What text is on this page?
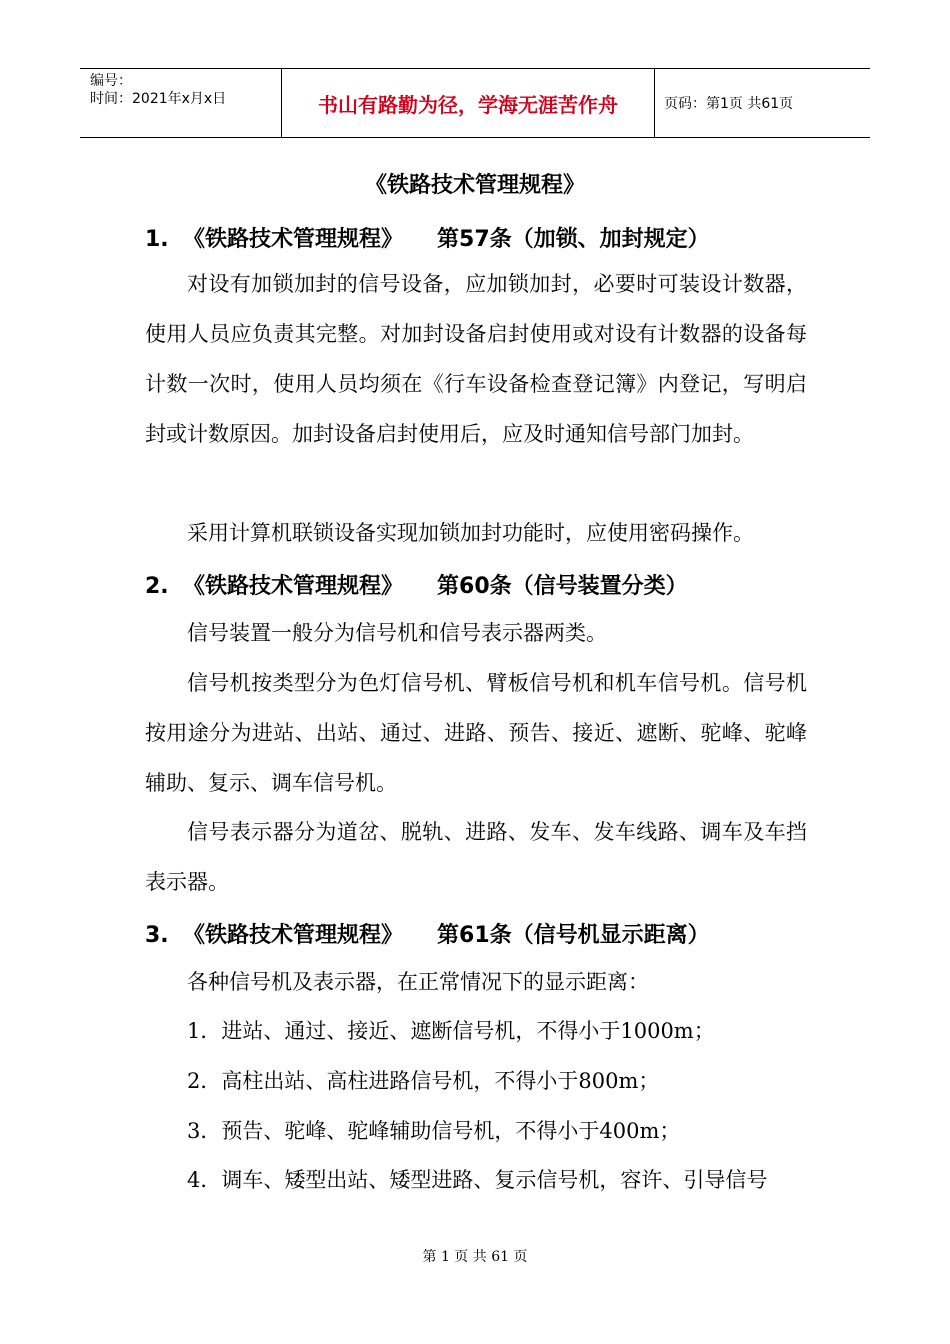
编号：
时间：2021年x月x日	书山有路勤为径，学海无涯苦作舟	页码：第1页 共61页
《铁路技术管理规程》
1. 《铁路技术管理规程》 第57条（加锁、加封规定）
对设有加锁加封的信号设备，应加锁加封，必要时可装设计数器，使用人员应负责其完整。对加封设备启封使用或对设有计数器的设备每计数一次时，使用人员均须在《行车设备检查登记簿》内登记，写明启封或计数原因。加封设备启封使用后，应及时通知信号部门加封。
采用计算机联锁设备实现加锁加封功能时，应使用密码操作。
2. 《铁路技术管理规程》 第60条（信号装置分类）
信号装置一般分为信号机和信号表示器两类。
信号机按类型分为色灯信号机、臂板信号机和机车信号机。信号机按用途分为进站、出站、通过、进路、预告、接近、遮断、驼峰、驼峰辅助、复示、调车信号机。
信号表示器分为道岔、脱轨、进路、发车、发车线路、调车及车挡表示器。
3. 《铁路技术管理规程》 第61条（信号机显示距离）
各种信号机及表示器，在正常情况下的显示距离：
1．进站、通过、接近、遮断信号机，不得小于1000m；
2．高柱出站、高柱进路信号机，不得小于800m；
3．预告、驼峰、驼峰辅助信号机，不得小于400m；
4．调车、矮型出站、矮型进路、复示信号机，容许、引导信号
第 1 页 共 61 页
